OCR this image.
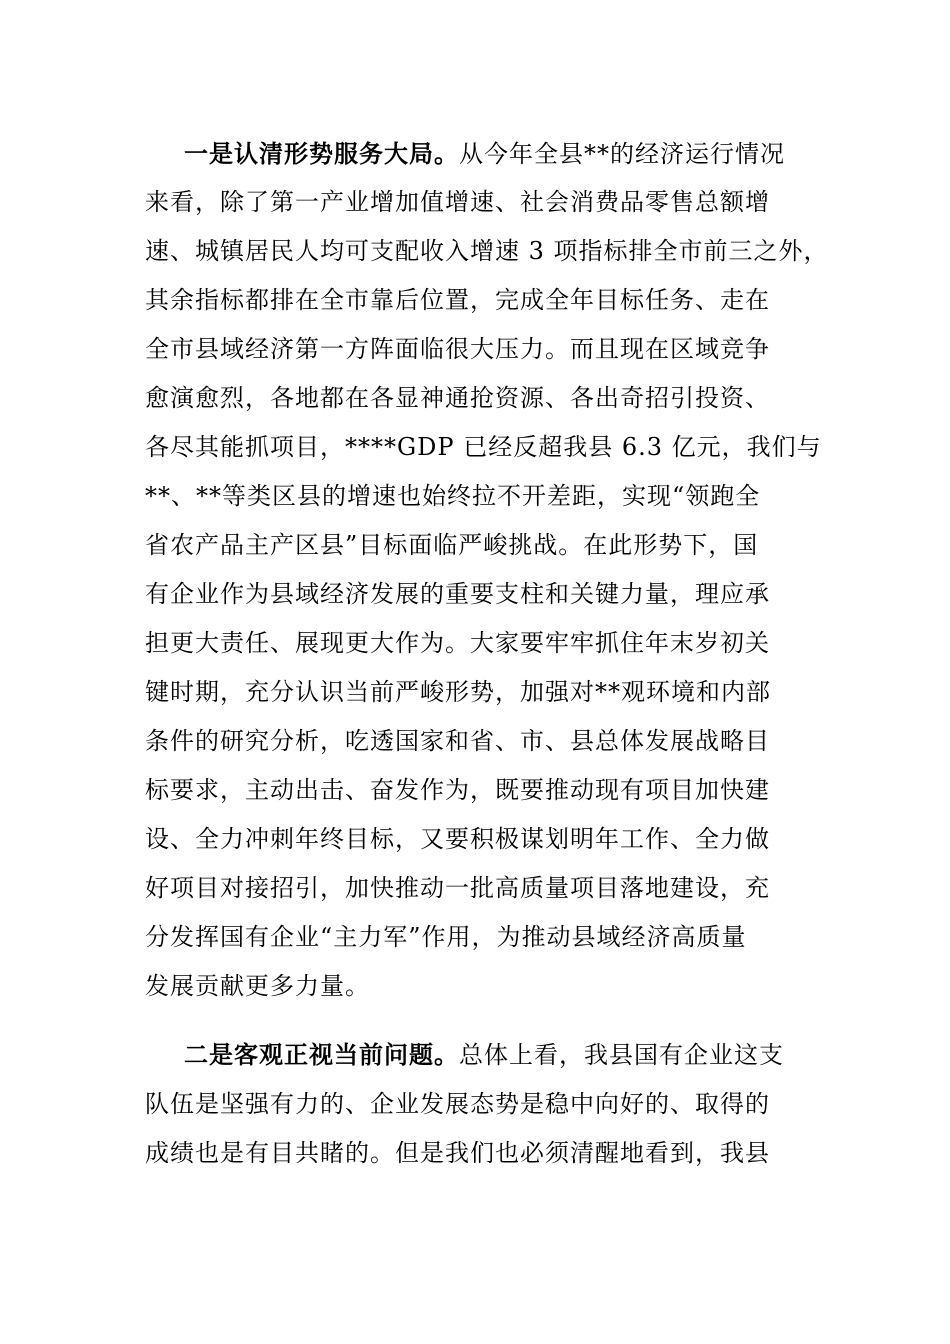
一是认清形势服务大局。从今年全县**的经济运行情况
来看，除了第一产业增加值增速、社会消费品零售总额增
速、城镇居民人均可支配收入增速 3 项指标排全市前三之外，
其余指标都排在全市靠后位置，完成全年目标任务、走在
全市县域经济第一方阵面临很大压力。而且现在区域竞争
愈演愈烈，各地都在各显神通抢资源、各出奇招引投资、
各尽其能抓项目，****GDP 已经反超我县 6.3 亿元，我们与
**、**等类区县的增速也始终拉不开差距，实现“领跑全
省农产品主产区县”目标面临严峻挑战。在此形势下，国
有企业作为县域经济发展的重要支柱和关键力量，理应承
担更大责任、展现更大作为。大家要牢牢抓住年末岁初关
键时期，充分认识当前严峻形势，加强对**观环境和内部
条件的研究分析，吃透国家和省、市、县总体发展战略目
标要求，主动出击、奋发作为，既要推动现有项目加快建
设、全力冲刺年终目标，又要积极谋划明年工作、全力做
好项目对接招引，加快推动一批高质量项目落地建设，充
分发挥国有企业“主力军”作用，为推动县域经济高质量
发展贡献更多力量。
二是客观正视当前问题。总体上看，我县国有企业这支
队伍是坚强有力的、企业发展态势是稳中向好的、取得的
成绩也是有目共睹的。但是我们也必须清醒地看到，我县
